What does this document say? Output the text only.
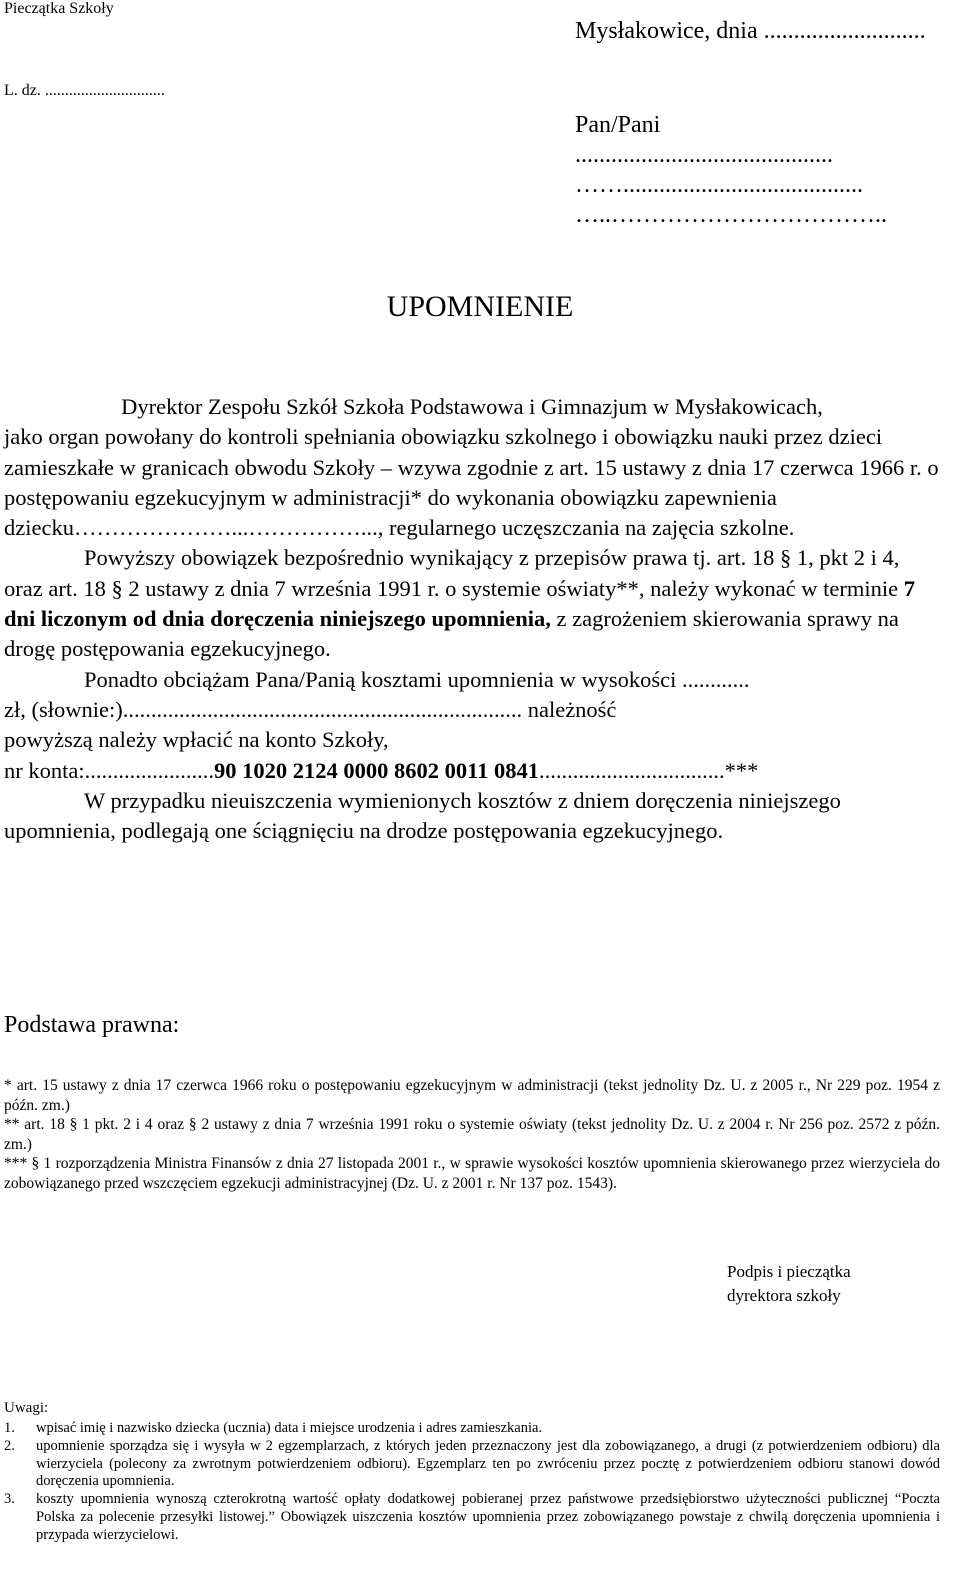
Pieczątka Szkoły
Mysłakowice, dnia ...........................
L. dz. ..............................
Pan/Pani
...........................................
……........................................
…..……………………………..
UPOMNIENIE

Dyrektor Zespołu Szkół Szkoła Podstawowa i Gimnazjum w Mysłakowicach,

jako organ powołany do kontroli spełniania obowiązku szkolnego i obowiązku nauki przez dzieci zamieszkałe w granicach obwodu Szkoły – wzywa zgodnie z art. 15 ustawy z dnia 17 czerwca 1966 r. o postępowaniu egzekucyjnym w administracji* do wykonania obowiązku zapewnienia dziecku…………………...……………..., regularnego uczęszczania na zajęcia szkolne.

Powyższy obowiązek bezpośrednio wynikający z przepisów prawa tj. art. 18 § 1, pkt 2 i 4, oraz art. 18 § 2 ustawy z dnia 7 września 1991 r. o systemie oświaty**, należy wykonać w terminie 7 dni liczonym od dnia doręczenia niniejszego upomnienia, z zagrożeniem skierowania sprawy na drogę postępowania egzekucyjnego.

Ponadto obciążam Pana/Panią kosztami upomnienia w wysokości ............

zł, (słownie:)....................................................................... należność

powyższą należy wpłacić na konto Szkoły,

nr konta:.......................90 1020 2124 0000 8602 0011 0841.................................***

W przypadku nieuiszczenia wymienionych kosztów z dniem doręczenia niniejszego upomnienia, podlegają one ściągnięciu na drodze postępowania egzekucyjnego.

Podstawa prawna:

* art. 15 ustawy z dnia 17 czerwca 1966 roku o postępowaniu egzekucyjnym w administracji (tekst jednolity Dz. U. z 2005 r., Nr 229 poz. 1954 z późn. zm.)

** art. 18 § 1 pkt. 2 i 4 oraz § 2 ustawy z dnia 7 września 1991 roku o systemie oświaty (tekst jednolity Dz. U. z 2004 r. Nr 256 poz. 2572 z późn. zm.)

*** § 1 rozporządzenia Ministra Finansów z dnia 27 listopada 2001 r., w sprawie wysokości kosztów upomnienia skierowanego przez wierzyciela do zobowiązanego przed wszczęciem egzekucji administracyjnej (Dz. U. z 2001 r. Nr 137 poz. 1543).

Podpis i pieczątka
dyrektora szkoły
Uwagi:
1.	wpisać imię i nazwisko dziecka (ucznia) data i miejsce urodzenia i adres zamieszkania.
2.	upomnienie sporządza się i wysyła w 2 egzemplarzach, z których jeden przeznaczony jest dla zobowiązanego, a drugi (z potwierdzeniem odbioru) dla wierzyciela (polecony za zwrotnym potwierdzeniem odbioru). Egzemplarz ten po zwróceniu przez pocztę z potwierdzeniem odbioru stanowi dowód doręczenia upomnienia.
3.	koszty upomnienia wynoszą czterokrotną wartość opłaty dodatkowej pobieranej przez państwowe przedsiębiorstwo użyteczności publicznej “Poczta Polska za polecenie przesyłki listowej.” Obowiązek uiszczenia kosztów upomnienia przez zobowiązanego powstaje z chwilą doręczenia upomnienia i przypada wierzycielowi.
